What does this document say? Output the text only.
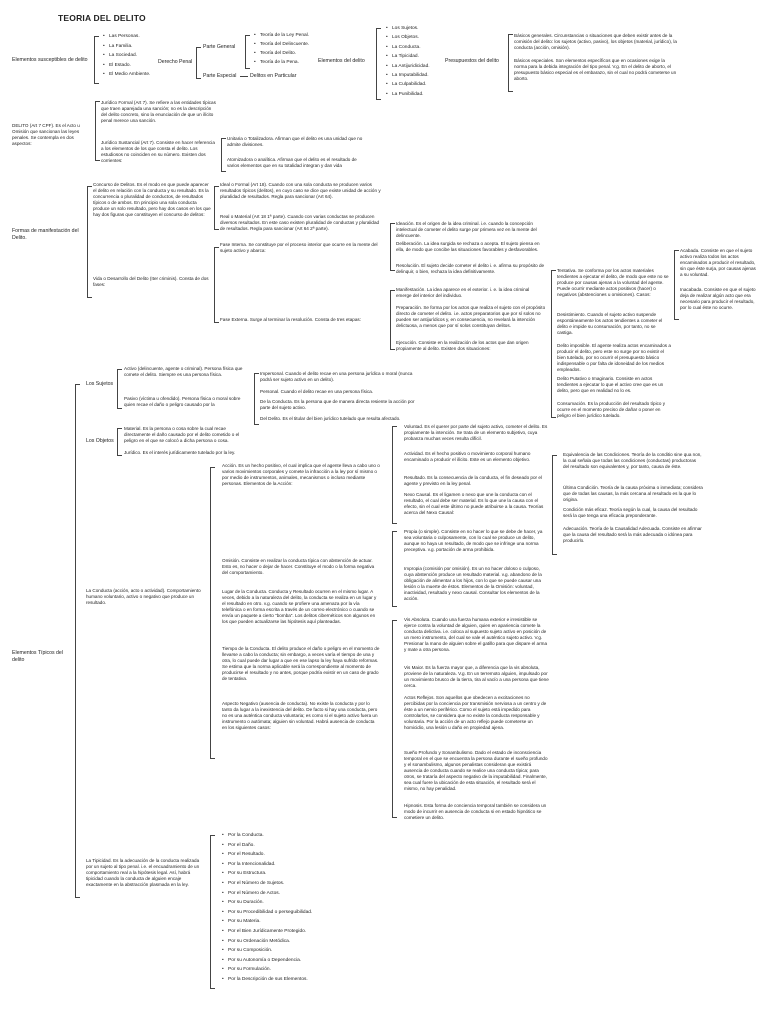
TEORIA DEL DELITO
Elementos susceptibles de delito
• Las Personas.
• La Familia.
• La Sociedad.
• El Estado.
• El Medio Ambiente.
Derecho Penal
Parte General
Parte Especial
• Teoría de la Ley Penal.
• Teoría del Delincuente.
• Teoría del Delito.
• Teoría de la Pena.
Delitos en Particular
Elementos del delito
• Los Sujetos.
• Los Objetos.
• La Conducta.
• La Tipicidad.
• La Antijuridicidad.
• La Imputabilidad.
• La Culpabilidad.
• La Punibilidad.
Presupuestos del delito
Básicos generales. Circunstancias o situaciones que deben existir antes de la comisión del delito: los sujetos (activo, pasivo), los objetos (material, jurídico), la conducta (acción, omisión).
Básicos especiales. Son elementos específicos que en ocasiones exige la norma para la debida integración del tipo penal. V.g. En el delito de aborto, el presupuesto básico especial es el embarazo, sin el cual no podrá cometerse un aborto.
DELITO (Art 7 CPF). Es el Acto u Omisión que sancionan las leyes penales. Se contempla en dos aspectos:
Jurídico Formal (Art 7). Se refiere a las entidades típicas que traen aparejada una sanción; no es la descripción del delito concreto, sino la enunciación de que un ilícito penal merece una sanción.
Jurídico Sustancial (Art 7). Consiste en hacer referencia a los elementos de los que consta el delito. Los estudiosos no coinciden en su número. Existen dos corrientes:
Unitaria o Totalizadora. Afirman que el delito es una unidad que no admite divisiones.
Atomizadora o analítica. Afirman que el delito es el resultado de varios elementos que en su totalidad integran y dan vida
Formas de manifestación del Delito.
Concurso de Delitos. Es el modo en que puede aparecer el delito en relación con la conducta y su resultado. Es la concurrencia o pluralidad de conductos, de resultados típicos o de ambos. En principio una sola conducta produce un solo resultado, pero hay dos casos en los que hay dos figuras que constituyen el concurso de delitos:
Ideal o Formal (Art 18). Cuando con una sola conducta se producen varios resultados típicos (delitos), en cuyo caso se dice que existe unidad de acción y pluralidad de resultados. Regla para sancionar (Art 64).
Real o Material (Art 18 1ª parte). Cuando con varias conductas se producen diversos resultados. En este caso existen pluralidad de conductas y pluralidad de resultados. Regla para sancionar (Art 64 2ª parte).
Vida o Desarrollo del Delito (Iter criminis). Consta de dos fases:
Fase Interna. Se constituye por el proceso interior que ocurre en la mente del sujeto activo y abarca:
Fase Externa. Surge al terminar la resolución. Consta de tres etapas:
Ideación. Es el origen de la idea criminal. i.e. cuando la concepción intelectual de cometer el delito surge por primera vez en la mente del delincuente.
Deliberación. La idea surgida se rechaza o acepta. El sujeto piensa en ella, de modo que concibe las situaciones favorables y desfavorables.
Resolución. El sujeto decide cometer el delito i. e. afirma su propósito de delinquir, o bien, rechaza la idea definitivamente.
Manifestación. La idea aparece en el exterior. i. e. la idea criminal emerge del interior del individuo.
Preparación. Se forma por los actos que realiza el sujeto con el propósito directo de cometer el delito. i.e. actos preparatorios que por sí solos no pueden ser antijurídicos y, en consecuencia, no revelará la intención delictuosa, a menos que por sí solos constituyan delitos.
Ejecución. Consiste en la realización de los actos que dan origen propiamente al delito. Existen dos situaciones:
Tentativa. Se conforma por los actos materiales tendientes a ejecutar el delito, de modo que este no se produce por causas ajenas a la voluntad del agente. Puede ocurrir mediante actos positivos (hacer) o negativos (abstenciones u omisiones). Casos:
Acabada. Consiste en que el sujeto activo realiza todos los actos encaminados a producir el resultado, sin que éste surja, por causas ajenas a su voluntad.
Inacabada. Consiste en que el sujeto deja de realizar algún acto que era necesario para producir el resultado, por lo cual éste no ocurre.
Desistimiento. Cuando el sujeto activo suspende espontáneamente los actos tendientes a cometer el delito e impide su consumación, por tanto, no se castiga.
Delito imposible. El agente realiza actos encaminados a producir el delito, pero este no surge por no existir el bien tutelado, por no ocurrir el presupuesto básico indispensable o por falta de idoneidad de los medios empleados.
Delito Putativo o Imaginario. Consiste en actos tendientes a ejecutar lo que el activo cree que es un delito, pero que en realidad no lo es.
Consumación. Es la producción del resultado típico y ocurre en el momento preciso de dañar o poner en peligro el bien jurídico tutelado.
Elementos Típicos del delito
Los Sujetos
Activo (delincuente, agente o criminal). Persona física que comete el delito. Siempre es una persona física.
Pasivo (víctima u ofendido). Persona física o moral sobre quien recae el daño o peligro causado por la
Impersonal. Cuando el delito recae en una persona jurídica o moral (nunca podrá ser sujeto activo en un delito).
Personal. Cuando el delito recae en una persona física.
De la Conducta. Es la persona que de manera directa resiente la acción por parte del sujeto activo.
Del Delito. Es el titular del bien jurídico tutelado que resulta afectado.
Los Objetos
Material. Es la persona o cosa sobre la cual recae directamente el daño causado por el delito cometido o el peligro en el que se colocó a dicha persona o cosa.
Jurídico. Es el interés jurídicamente tutelado por la ley.
La Conducta (acción, acto o actividad). Comportamiento humano voluntario, activo o negativo que produce un resultado.
Acción. Es un hecho positivo, el cual implica que el agente lleva a cabo uno o varios movimientos corporales y comete la infracción a la ley por sí mismo o por medio de instrumentos, animales, mecanismos o incluso mediante personas. Elementos de la Acción:
Omisión. Consiste en realizar la conducta típica con abstención de actuar. Esto es, no hacer o dejar de hacer. Constituye el modo o la forma negativa del comportamiento.
Lugar de la Conducta. Conducta y Resultado ocurren en el mismo lugar. A veces, debido a la naturaleza del delito, la conducta se realiza en un lugar y el resultado en otro. v.g. cuando se profiere una amenaza por la vía telefónica o en forma escrita a través de un correo electrónico o cuando se envía un paquete a cierto "bomba". Los delitos cibernéticos son algunos en los que pueden actualizarse las hipótesis aquí planteadas.
Tiempo de la Conducta. El delito produce el daño o peligro en el momento de llevarse a cabo la conducta; sin embargo, a veces varía el tiempo de una y otra, lo cual puede dar lugar a que en ese lapso la ley haya sufrido reformas. Se estima que la norma aplicable será la correspondiente al momento de producirse el resultado y no antes, porque podría existir en un caso de grado de tentativa.
Aspecto Negativo (ausencia de conducta). No existe la conducta y por lo tanto da lugar a la inexistencia del delito. De facto si hay una conducta, pero no es una auténtica conducta voluntaria; es como si el sujeto activo fuera un instrumento o autómata; alguien sin voluntad. Habrá ausencia de conducta en los siguientes casos:
Voluntad. Es el querer por parte del sujeto activo, cometer el delito. Es propiamente la intención. Se trata de un elemento subjetivo, cuya probanza muchas veces resulta difícil.
Actividad. Es el hecho positivo o movimiento corporal humano encaminado a producir el ilícito. Este es un elemento objetivo.
Resultado. Es la consecuencia de la conducta, el fin deseado por el agente y previsto en la ley penal.
Nexo Causal. Es el ligamen o nexo que une la conducta con el resultado, el cual debe ser material. Es lo que une la causa con el efecto, sin el cual este último no puede atribuirse a la causa. Teorías acerca del Nexo Causal:
Equivalencia de las Condiciones. Teoría de la conditio sine qua non, la cual señala que todas las condiciones (conductas) productoras del resultado son equivalentes y, por tanto, causa de éste.
Última Condición. Teoría de la causa próxima o inmediata; considera que de todas las causas, la más cercana al resultado es la que lo origina.
Condición más eficaz. Teoría según la cual, la causa del resultado será la que tenga una eficacia preponderante.
Adecuación. Teoría de la Causalidad Adecuada. Consiste en afirmar que la causa del resultado será la más adecuada o idónea para producirlo.
Propia (o simple). Consiste en no hacer lo que se debe de hacer, ya sea voluntaria o culposamente, con lo cual se produce un delito, aunque no haya un resultado, de modo que se infringe una norma preceptiva. v.g. portación de arma prohibida.
Impropia (comisión por omisión). Es un no hacer doloso o culposo, cuya abstención produce un resultado material. v.g. abandono de la obligación de alimentar a los hijos, con lo que se puede causar una lesión o la muerte de éstos. Elementos de la Omisión: voluntad, inactividad, resultado y nexo causal. Consultar los elementos de la acción.
Vis Absoluta. Cuando una fuerza humana exterior e irresistible se ejerce contra la voluntad de alguien, quien en apariencia comete la conducta delictiva. i.e. coloca al supuesto sujeto activo en posición de un mero instrumento, del cual se vale el auténtico sujeto activo. V.g. Presionar la mano de alguien sobre el gatillo para que dispare el arma y mate a otra persona.
Vis Maior. Es la fuerza mayor que, a diferencia que la vis absoluta, proviene de la naturaleza. V.g. En un terremoto alguien, impulsado por un movimiento brusco de la tierra, tira al vacío a una persona que tiene cerca.
Actos Reflejos. Son aquellos que obedecen a excitaciones no percibidas por la conciencia por transmisión nerviosa a un centro y de éste a un nervio periférico. Como el sujeto está impedido para controlarlos, se considera que no existe la conducta responsable y voluntaria. Por la acción de un acto reflejo puede cometerse un homicidio, una lesión u daño en propiedad ajena.
Sueño Profundo y Sonambulismo. Dado el estado de inconsciencia temporal en el que se encuentra la persona durante el sueño profundo y el sonambulismo, algunos penalistas consideran que existirá ausencia de conducta cuando se realice una conducta típica; para otros, se trataría del aspecto negativo de la imputabilidad. Finalmente, sea cual fuere la ubicación de esta situación, el resultado será el mismo, no hay penalidad.
Hipnosis. Esta forma de conciencia temporal también se considera un modo de incurrir en ausencia de conducta si en estado hipnótico se cometiere un delito.
La Tipicidad. Es la adecuación de la conducta realizada por un sujeto al tipo penal. i.e. el encuadramiento de un comportamiento real a la hipótesis legal. Así, habrá tipicidad cuando la conducta de alguien encaje exactamente en la abstracción plasmada en la ley.
• Por la Conducta.
• Por el Daño.
• Por el Resultado.
• Por la Intencionalidad.
• Por su Estructura.
• Por el Número de Sujetos.
• Por el Número de Actos.
• Por su Duración.
• Por su Procedibilidad o perseguibilidad.
• Por su Materia.
• Por el Bien Jurídicamente Protegido.
• Por su Ordenación Metódica.
• Por su Composición.
• Por su Autonomía o Dependencia.
• Por su Formulación.
• Por la Descripción de sus Elementos.
